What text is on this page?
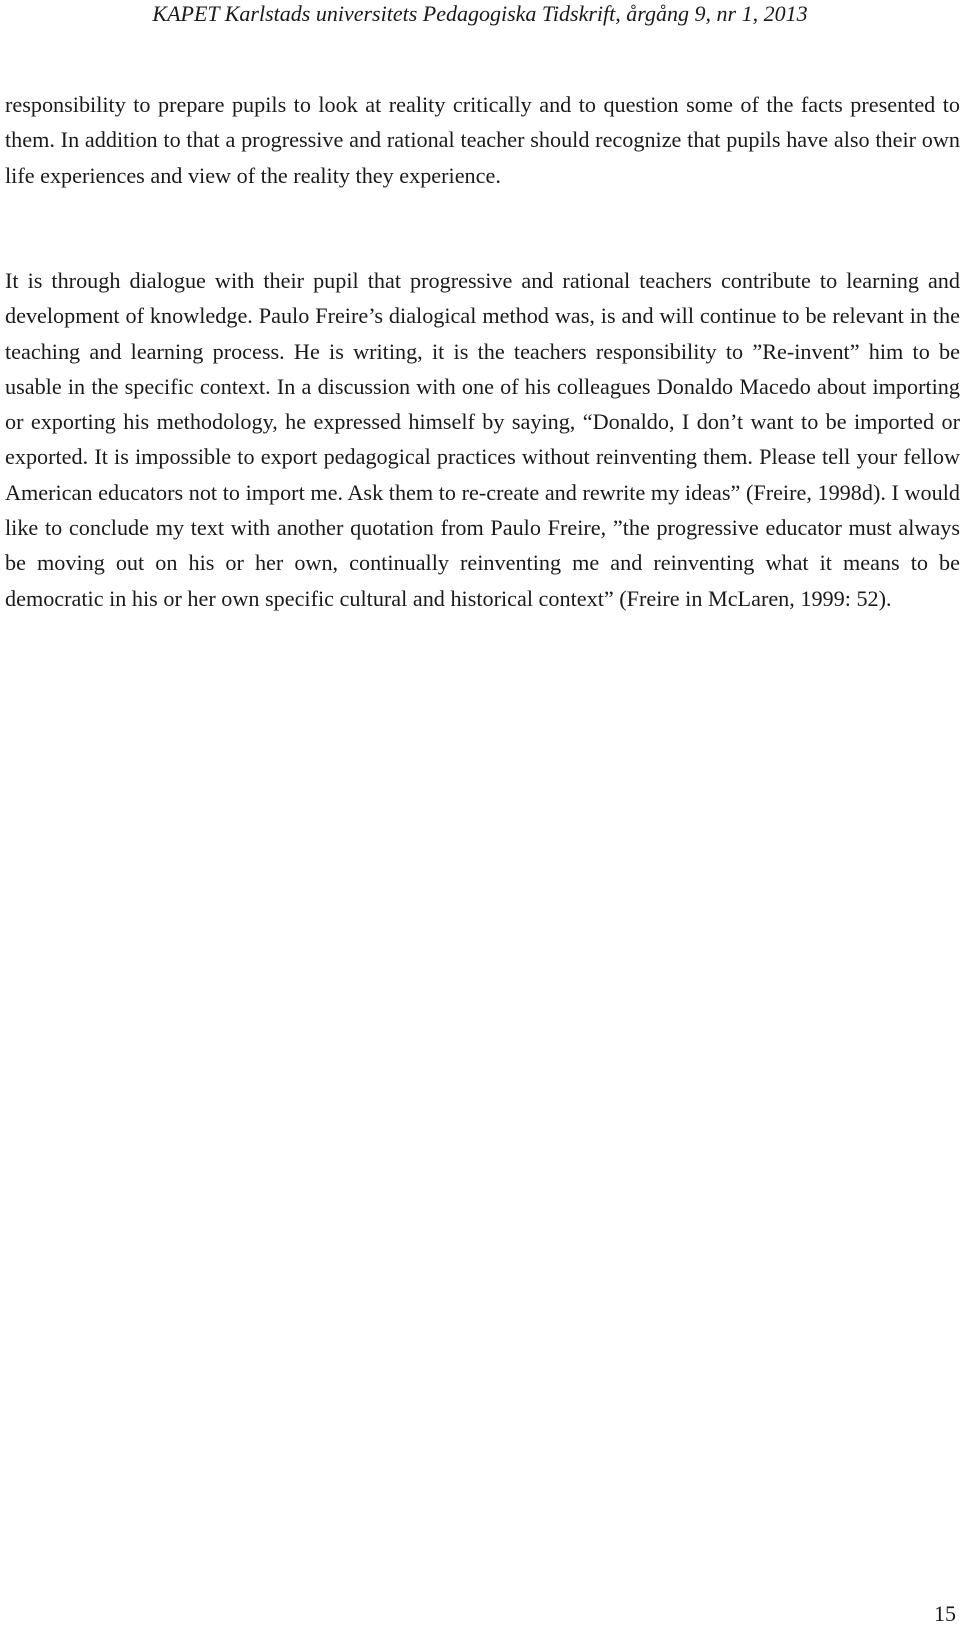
KAPET Karlstads universitets Pedagogiska Tidskrift, årgång 9, nr 1, 2013

responsibility to prepare pupils to look at reality critically and to question some of the facts presented to them. In addition to that a progressive and rational teacher should recognize that pupils have also their own life experiences and view of the reality they experience.

It is through dialogue with their pupil that progressive and rational teachers contribute to learning and development of knowledge. Paulo Freire’s dialogical method was, is and will continue to be relevant in the teaching and learning process. He is writing, it is the teachers responsibility to ”Re-invent” him to be usable in the specific context. In a discussion with one of his colleagues Donaldo Macedo about importing or exporting his methodology, he expressed himself by saying, “Donaldo, I don’t want to be imported or exported. It is impossible to export pedagogical practices without reinventing them. Please tell your fellow American educators not to import me. Ask them to re-create and rewrite my ideas” (Freire, 1998d). I would like to conclude my text with another quotation from Paulo Freire, ”the progressive educator must always be moving out on his or her own, continually reinventing me and reinventing what it means to be democratic in his or her own specific cultural and historical context” (Freire in McLaren, 1999: 52).

15
